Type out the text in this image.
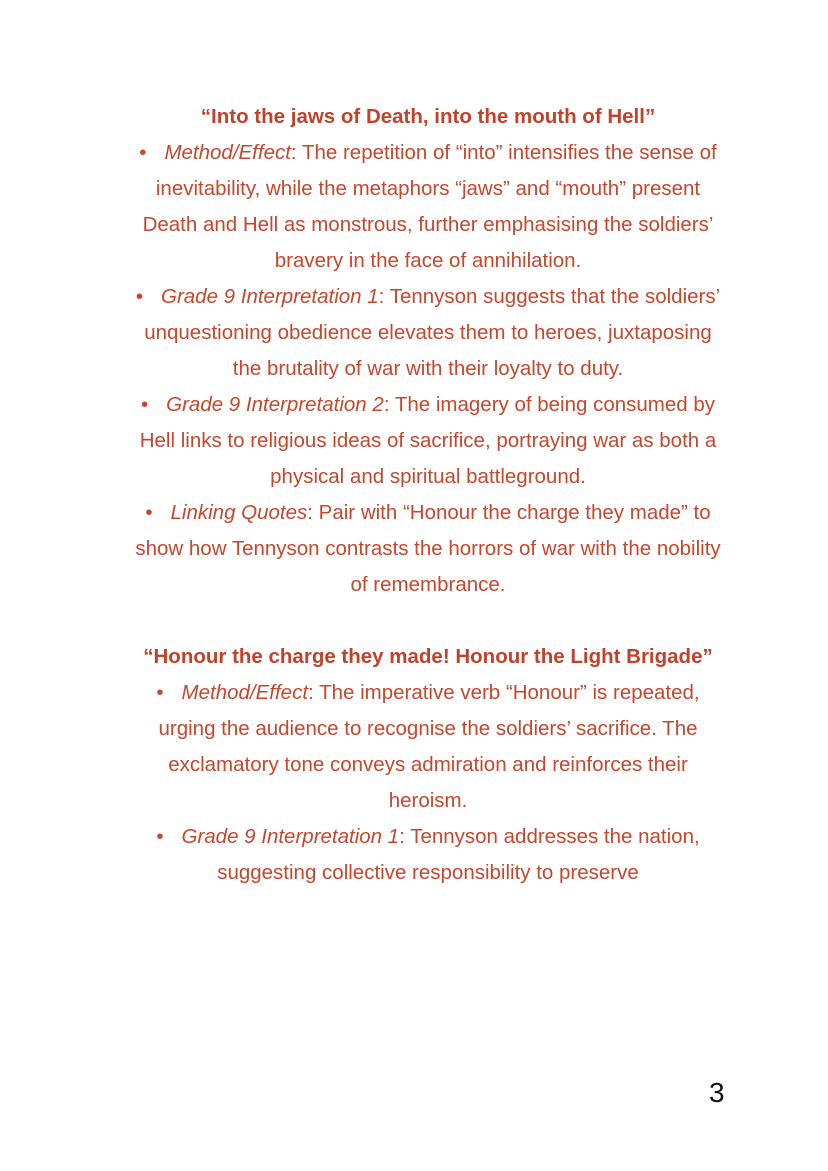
“Into the jaws of Death, into the mouth of Hell”
• Method/Effect: The repetition of “into” intensifies the sense of inevitability, while the metaphors “jaws” and “mouth” present Death and Hell as monstrous, further emphasising the soldiers’ bravery in the face of annihilation.
• Grade 9 Interpretation 1: Tennyson suggests that the soldiers’ unquestioning obedience elevates them to heroes, juxtaposing the brutality of war with their loyalty to duty.
• Grade 9 Interpretation 2: The imagery of being consumed by Hell links to religious ideas of sacrifice, portraying war as both a physical and spiritual battleground.
• Linking Quotes: Pair with “Honour the charge they made” to show how Tennyson contrasts the horrors of war with the nobility of remembrance.
“Honour the charge they made! Honour the Light Brigade”
• Method/Effect: The imperative verb “Honour” is repeated, urging the audience to recognise the soldiers’ sacrifice. The exclamatory tone conveys admiration and reinforces their heroism.
• Grade 9 Interpretation 1: Tennyson addresses the nation, suggesting collective responsibility to preserve
3
